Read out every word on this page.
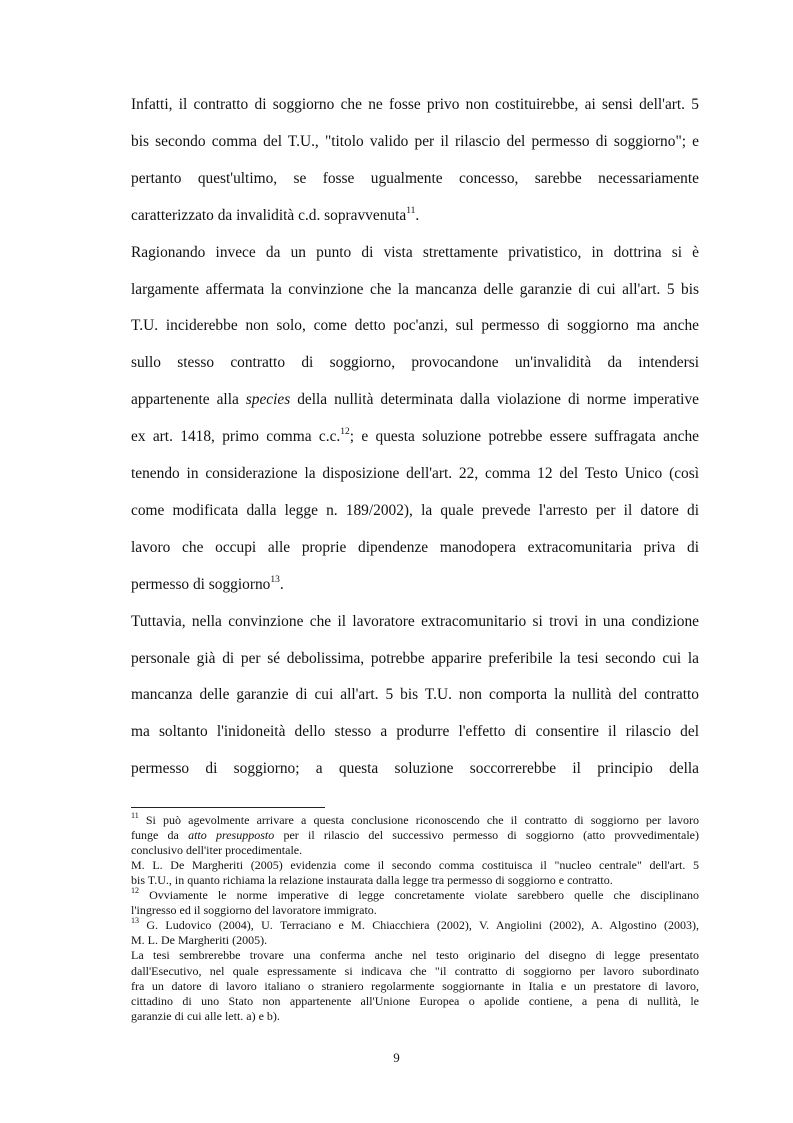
Infatti, il contratto di soggiorno che ne fosse privo non costituirebbe, ai sensi dell'art. 5
bis secondo comma del T.U., "titolo valido per il rilascio del permesso di soggiorno"; e
pertanto quest'ultimo, se fosse ugualmente concesso, sarebbe necessariamente
caratterizzato da invalidità c.d. sopravvenuta$^{11}$.
Ragionando invece da un punto di vista strettamente privatistico, in dottrina si è
largamente affermata la convinzione che la mancanza delle garanzie di cui all'art. 5 bis
T.U. inciderebbe non solo, come detto poc'anzi, sul permesso di soggiorno ma anche
sullo stesso contratto di soggiorno, provocandone un'invalidità da intendersi
appartenente alla species della nullità determinata dalla violazione di norme imperative
ex art. 1418, primo comma c.c.$^{12}$; e questa soluzione potrebbe essere suffragata anche
tenendo in considerazione la disposizione dell'art. 22, comma 12 del Testo Unico (così
come modificata dalla legge n. 189/2002), la quale prevede l'arresto per il datore di
lavoro che occupi alle proprie dipendenze manodopera extracomunitaria priva di
permesso di soggiorno$^{13}$.
Tuttavia, nella convinzione che il lavoratore extracomunitario si trovi in una condizione
personale già di per sé debolissima, potrebbe apparire preferibile la tesi secondo cui la
mancanza delle garanzie di cui all'art. 5 bis T.U. non comporta la nullità del contratto
ma soltanto l'inidoneità dello stesso a produrre l'effetto di consentire il rilascio del
permesso di soggiorno; a questa soluzione soccorrerebbe il principio della
$^{11}$ Si può agevolmente arrivare a questa conclusione riconoscendo che il contratto di soggiorno per lavoro
funge da atto presupposto per il rilascio del successivo permesso di soggiorno (atto provvedimentale)
conclusivo dell'iter procedimentale.
M. L. De Margheriti (2005) evidenzia come il secondo comma costituisca il "nucleo centrale" dell'art. 5
bis T.U., in quanto richiama la relazione instaurata dalla legge tra permesso di soggiorno e contratto.
$^{12}$ Ovviamente le norme imperative di legge concretamente violate sarebbero quelle che disciplinano
l'ingresso ed il soggiorno del lavoratore immigrato.
$^{13}$ G. Ludovico (2004), U. Terraciano e M. Chiacchiera (2002), V. Angiolini (2002), A. Algostino (2003),
M. L. De Margheriti (2005).
La tesi sembrerebbe trovare una conferma anche nel testo originario del disegno di legge presentato
dall'Esecutivo, nel quale espressamente si indicava che "il contratto di soggiorno per lavoro subordinato
fra un datore di lavoro italiano o straniero regolarmente soggiornante in Italia e un prestatore di lavoro,
cittadino di uno Stato non appartenente all'Unione Europea o apolide contiene, a pena di nullità, le
garanzie di cui alle lett. a) e b).
9
